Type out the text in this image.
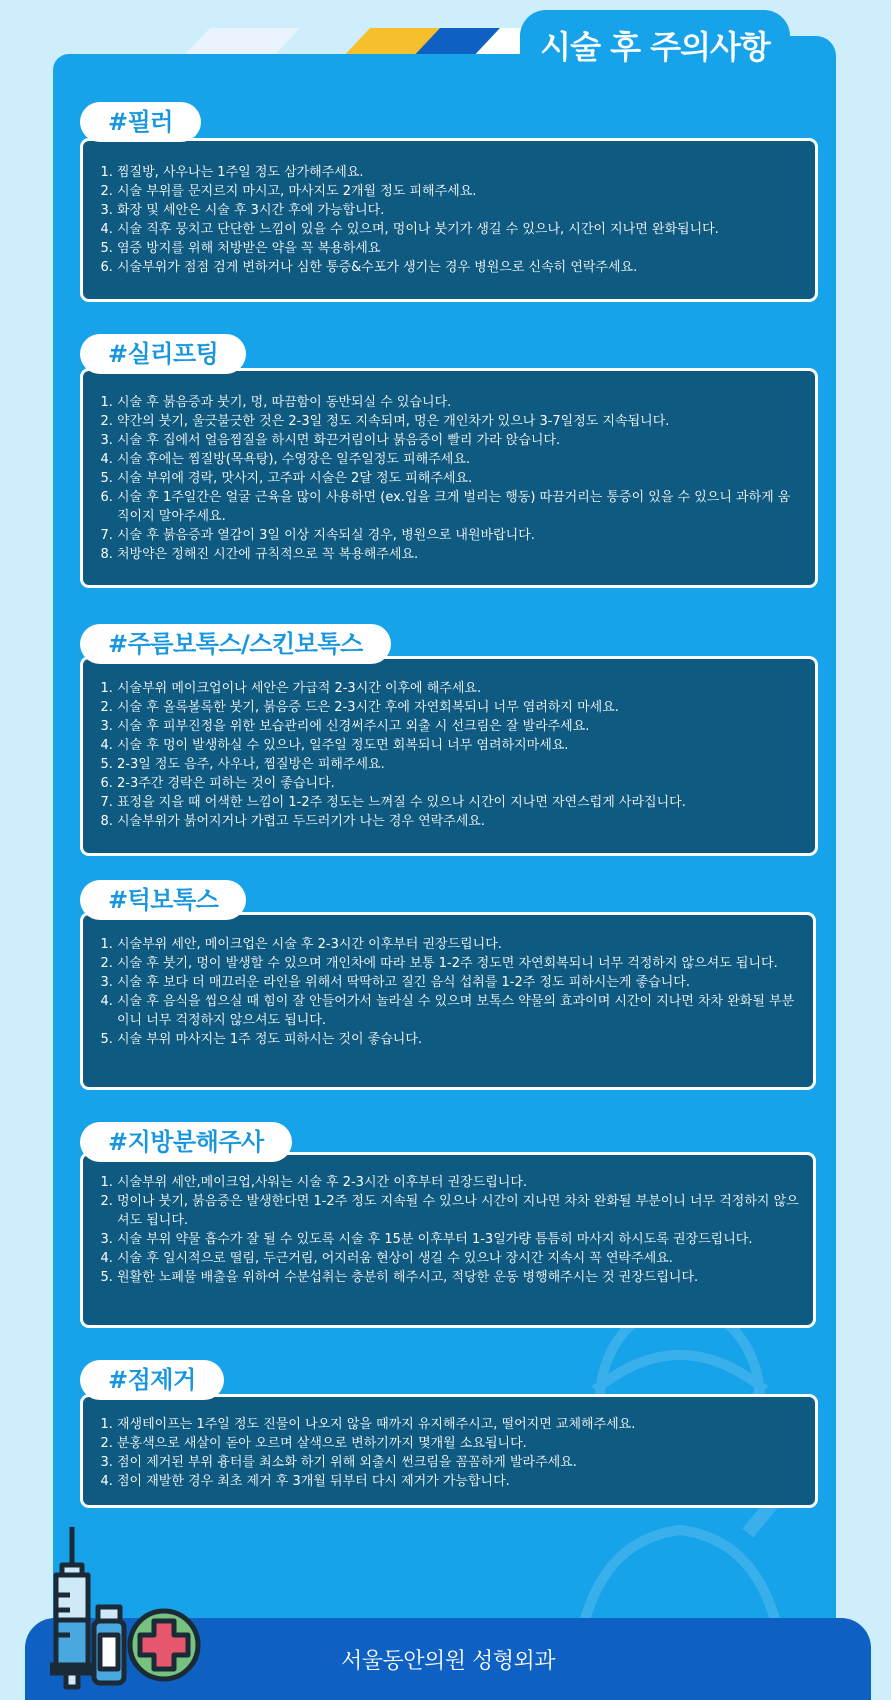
시술 후 주의사항
1. 찜질방, 사우나는 1주일 정도 삼가해주세요.
2. 시술 부위를 문지르지 마시고, 마사지도 2개월 정도 피해주세요.
3. 화장 및 세안은 시술 후 3시간 후에 가능합니다.
4. 시술 직후 뭉치고 단단한 느낌이 있을 수 있으며, 멍이나 붓기가 생길 수 있으나, 시간이 지나면 완화됩니다.
5. 염증 방지를 위해 처방받은 약을 꼭 복용하세요
6. 시술부위가 점점 검게 변하거나 심한 통증&수포가 생기는 경우 병원으로 신속히 연락주세요.
#필러
1. 시술 후 붉음증과 붓기, 멍, 따끔함이 동반되실 수 있습니다.
2. 약간의 붓기, 울긋불긋한 것은 2-3일 정도 지속되며, 멍은 개인차가 있으나 3-7일정도 지속됩니다.
3. 시술 후 집에서 얼음찜질을 하시면 화끈거림이나 붉음증이 빨리 가라 앉습니다.
4. 시술 후에는 찜질방(목욕탕), 수영장은 일주일정도 피해주세요.
5. 시술 부위에 경락, 맛사지, 고주파 시술은 2달 정도 피해주세요.
6. 시술 후 1주일간은 얼굴 근육을 많이 사용하면 (ex.입을 크게 벌리는 행동) 따끔거리는 통증이 있을 수 있으니 과하게 움직이지 말아주세요.
7. 시술 후 붉음증과 열감이 3일 이상 지속되실 경우, 병원으로 내원바랍니다.
8. 처방약은 정해진 시간에 규칙적으로 꼭 복용해주세요.
#실리프팅
1. 시술부위 메이크업이나 세안은 가급적 2-3시간 이후에 해주세요.
2. 시술 후 올록볼록한 붓기, 붉음증 드은 2-3시간 후에 자연회복되니 너무 염려하지 마세요.
3. 시술 후 피부진정을 위한 보습관리에 신경써주시고 외출 시 선크림은 잘 발라주세요.
4. 시술 후 멍이 발생하실 수 있으나, 일주일 정도면 회복되니 너무 염려하지마세요.
5. 2-3일 정도 음주, 사우나, 찜질방은 피해주세요.
6. 2-3주간 경락은 피하는 것이 좋습니다.
7. 표정을 지을 때 어색한 느낌이 1-2주 정도는 느껴질 수 있으나 시간이 지나면 자연스럽게 사라집니다.
8. 시술부위가 붉어지거나 가렵고 두드러기가 나는 경우 연락주세요.
#주름보톡스/스킨보톡스
1. 시술부위 세안, 메이크업은 시술 후 2-3시간 이후부터 권장드립니다.
2. 시술 후 붓기, 멍이 발생할 수 있으며 개인차에 따라 보통 1-2주 정도면 자연회복되니 너무 걱정하지 않으셔도 됩니다.
3. 시술 후 보다 더 매끄러운 라인을 위해서 딱딱하고 질긴 음식 섭취를 1-2주 정도 피하시는게 좋습니다.
4. 시술 후 음식을 씹으실 때 힘이 잘 안들어가서 놀라실 수 있으며 보톡스 약물의 효과이며 시간이 지나면 차차 완화될 부분이니 너무 걱정하지 않으셔도 됩니다.
5. 시술 부위 마사지는 1주 정도 피하시는 것이 좋습니다.
#턱보톡스
1. 시술부위 세안,메이크업,사워는 시술 후 2-3시간 이후부터 권장드립니다.
2. 멍이나 붓기, 붉음증은 발생한다면 1-2주 정도 지속될 수 있으나 시간이 지나면 차차 완화될 부분이니 너무 걱정하지 않으셔도 됩니다.
3. 시술 부위 약물 흡수가 잘 될 수 있도록 시술 후 15분 이후부터 1-3일가량 틈틈히 마사지 하시도록 권장드립니다.
4. 시술 후 일시적으로 떨림, 두근거림, 어지러움 현상이 생길 수 있으나 장시간 지속시 꼭 연락주세요.
5. 원활한 노폐물 배출을 위하여 수분섭취는 충분히 해주시고, 적당한 운동 병행해주시는 것 권장드립니다.
#지방분해주사
1. 재생테이프는 1주일 정도 진물이 나오지 않을 때까지 유지해주시고, 떨어지면 교체해주세요.
2. 분홍색으로 새살이 돋아 오르며 살색으로 변하기까지 몇개월 소요됩니다.
3. 점이 제거된 부위 흉터를 최소화 하기 위해 외출시 썬크림을 꼼꼼하게 발라주세요.
4. 점이 재발한 경우 최초 제거 후 3개월 뒤부터 다시 제거가 가능합니다.
#점제거
서울동안의원 성형외과
